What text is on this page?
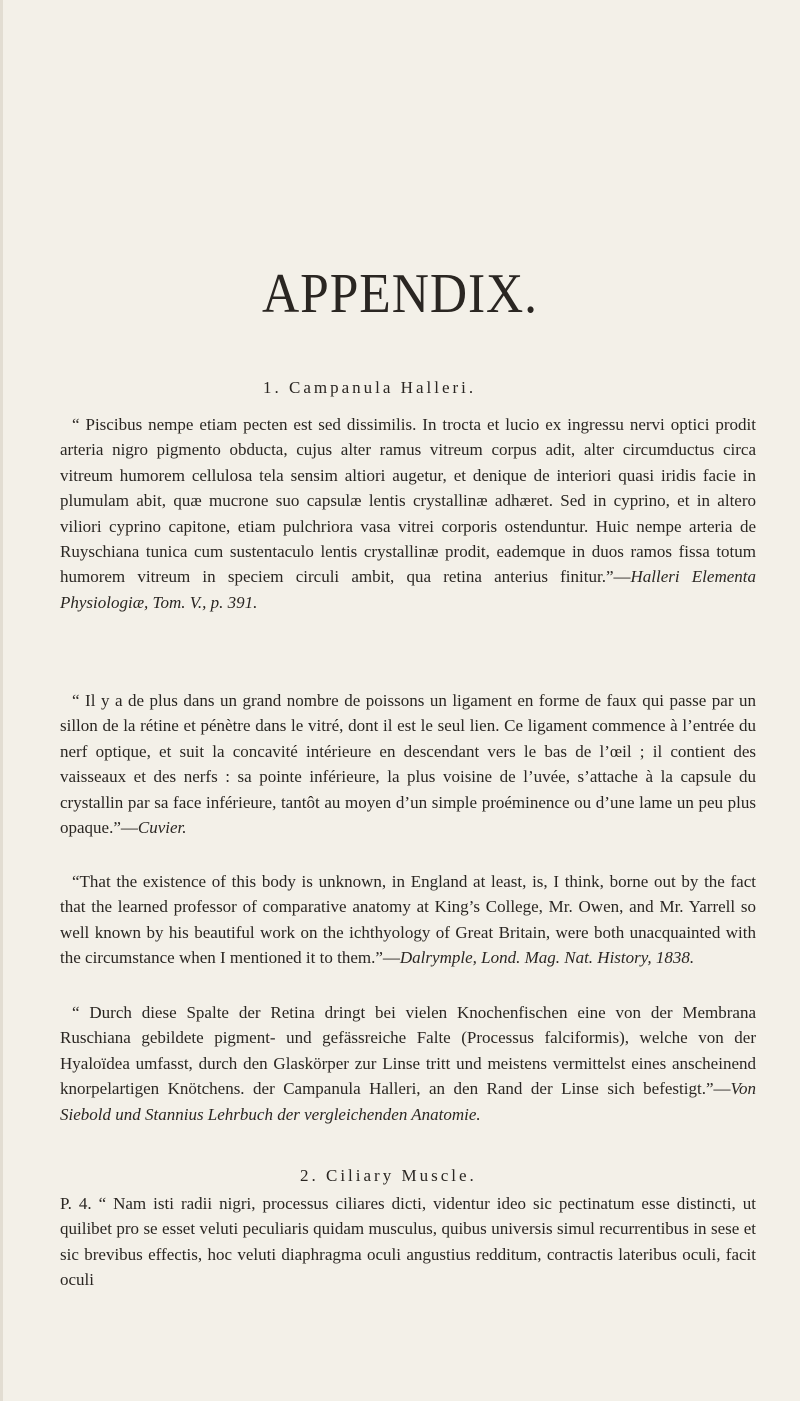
APPENDIX.
1. Campanula Halleri.

“ Piscibus nempe etiam pecten est sed dissimilis. In trocta et lucio ex ingressu nervi optici prodit arteria nigro pigmento obducta, cujus alter ramus vitreum corpus adit, alter circumductus circa vitreum humorem cellulosa tela sensim altiori augetur, et denique de interiori quasi iridis facie in plumulam abit, quæ mucrone suo capsulæ lentis crystallinæ adhæret. Sed in cyprino, et in altero viliori cyprino capitone, etiam pulchriora vasa vitrei corporis ostenduntur. Huic nempe arteria de Ruyschiana tunica cum sustentaculo lentis crystallinæ prodit, eademque in duos ramos fissa totum humorem vitreum in speciem circuli ambit, qua retina anterius finitur.”—Halleri Elementa Physiologiæ, Tom. V., p. 391.

“ Il y a de plus dans un grand nombre de poissons un ligament en forme de faux qui passe par un sillon de la rétine et pénètre dans le vitré, dont il est le seul lien. Ce ligament commence à l’entrée du nerf optique, et suit la concavité intérieure en descendant vers le bas de l’œil ; il contient des vaisseaux et des nerfs : sa pointe inférieure, la plus voisine de l’uvée, s’attache à la capsule du crystallin par sa face inférieure, tantôt au moyen d’un simple proéminence ou d’une lame un peu plus opaque.”—Cuvier.

“That the existence of this body is unknown, in England at least, is, I think, borne out by the fact that the learned professor of comparative anatomy at King’s College, Mr. Owen, and Mr. Yarrell so well known by his beautiful work on the ichthyology of Great Britain, were both unacquainted with the circumstance when I mentioned it to them.”—Dalrymple, Lond. Mag. Nat. History, 1838.

“ Durch diese Spalte der Retina dringt bei vielen Knochenfischen eine von der Membrana Ruschiana gebildete pigment- und gefässreiche Falte (Processus falciformis), welche von der Hyaloïdea umfasst, durch den Glaskörper zur Linse tritt und meistens vermittelst eines anscheinend knorpelartigen Knötchens. der Campanula Halleri, an den Rand der Linse sich befestigt.”—Von Siebold und Stannius Lehrbuch der vergleichenden Anatomie.

2. Ciliary Muscle.

P. 4. “ Nam isti radii nigri, processus ciliares dicti, videntur ideo sic pectinatum esse distincti, ut quilibet pro se esset veluti peculiaris quidam musculus, quibus universis simul recurrentibus in sese et sic brevibus effectis, hoc veluti diaphragma oculi angustius redditum, contractis lateribus oculi, facit oculi
